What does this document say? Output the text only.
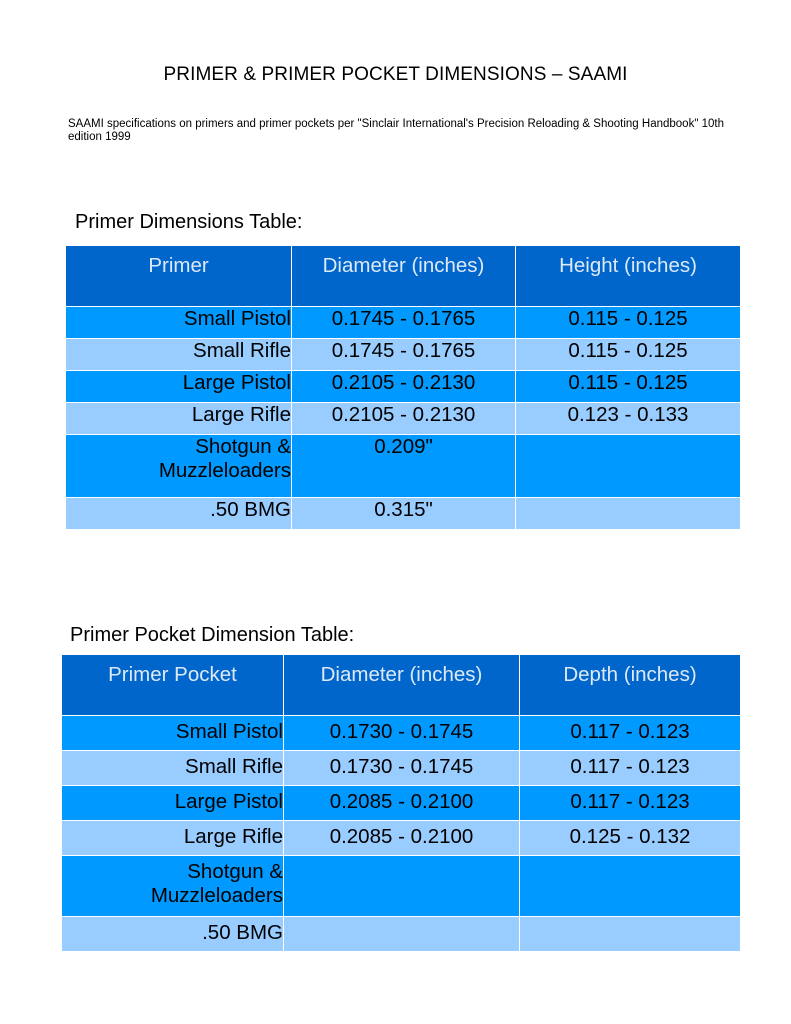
PRIMER & PRIMER POCKET DIMENSIONS – SAAMI
SAAMI specifications on primers and primer pockets per "Sinclair International's Precision Reloading & Shooting Handbook" 10th edition 1999
Primer Dimensions Table:
Primer	Diameter (inches)	Height (inches)
Small Pistol	0.1745 - 0.1765	0.115 - 0.125
Small Rifle	0.1745 - 0.1765	0.115 - 0.125
Large Pistol	0.2105 - 0.2130	0.115 - 0.125
Large Rifle	0.2105 - 0.2130	0.123 - 0.133
Shotgun &
Muzzleloaders	0.209"	
.50 BMG	0.315"	
Primer Pocket Dimension Table:
Primer Pocket	Diameter (inches)	Depth (inches)
Small Pistol	0.1730 - 0.1745	0.117 - 0.123
Small Rifle	0.1730 - 0.1745	0.117 - 0.123
Large Pistol	0.2085 - 0.2100	0.117 - 0.123
Large Rifle	0.2085 - 0.2100	0.125 - 0.132
Shotgun &
Muzzleloaders		
.50 BMG		
